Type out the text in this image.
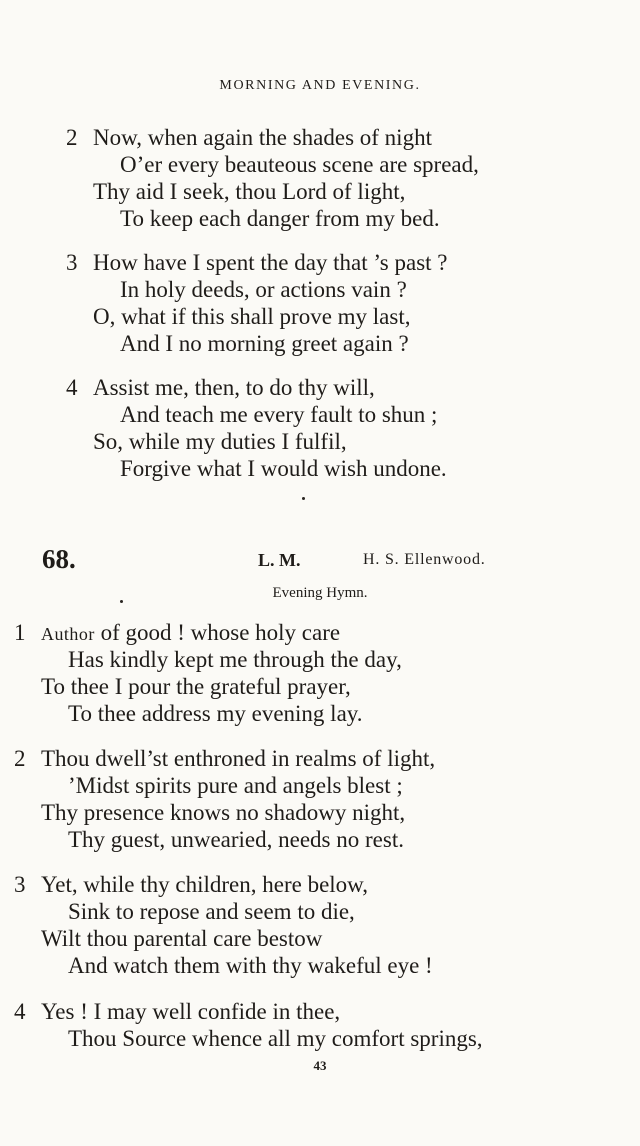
MORNING AND EVENING.
2 Now, when again the shades of night
O’er every beauteous scene are spread,
Thy aid I seek, thou Lord of light,
To keep each danger from my bed.
3 How have I spent the day that ’s past ?
In holy deeds, or actions vain ?
O, what if this shall prove my last,
And I no morning greet again ?
4 Assist me, then, to do thy will,
And teach me every fault to shun ;
So, while my duties I fulfil,
Forgive what I would wish undone.
68.	L. M.	H. S. Ellenwood.
Evening Hymn.
1 Author of good ! whose holy care
Has kindly kept me through the day,
To thee I pour the grateful prayer,
To thee address my evening lay.
2 Thou dwell’st enthroned in realms of light,
’Midst spirits pure and angels blest ;
Thy presence knows no shadowy night,
Thy guest, unwearied, needs no rest.
3 Yet, while thy children, here below,
Sink to repose and seem to die,
Wilt thou parental care bestow
And watch them with thy wakeful eye !
4 Yes ! I may well confide in thee,
Thou Source whence all my comfort springs,
43
